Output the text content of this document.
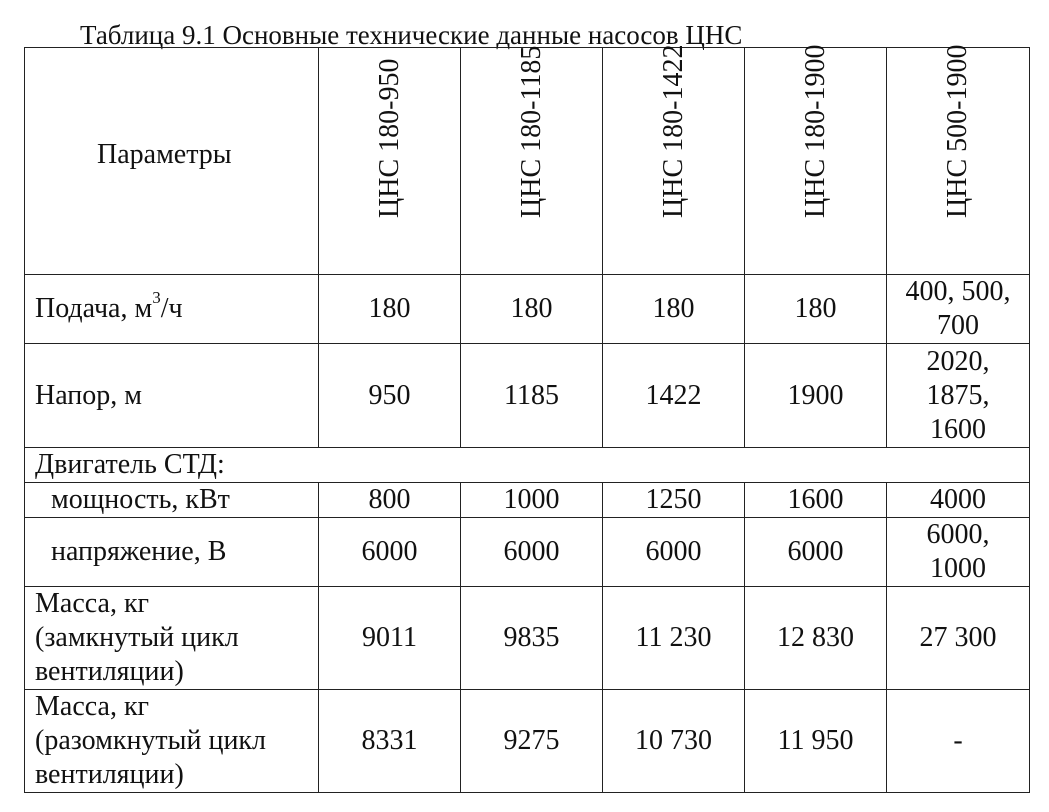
Таблица 9.1 Основные технические данные насосов ЦНС
Параметры	ЦНС 180-950	ЦНС 180-1185	ЦНС 180-1422	ЦНС 180-1900	ЦНС 500-1900

Подача, $м^3/ч$	180	180	180	180	400, 500,
700

Напор, м	950	1185	1422	1900	2020,
1875,
1600

Двигатель СТД:					
мощность, кВт	800	1000	1250	1600	4000
напряжение, В	6000	6000	6000	6000	6000,
1000

Масса, кг
(замкнутый цикл
вентиляции)	9011	9835	11 230	12 830	27 300

Масса, кг
(разомкнутый цикл
вентиляции)	8331	9275	10 730	11 950	-
